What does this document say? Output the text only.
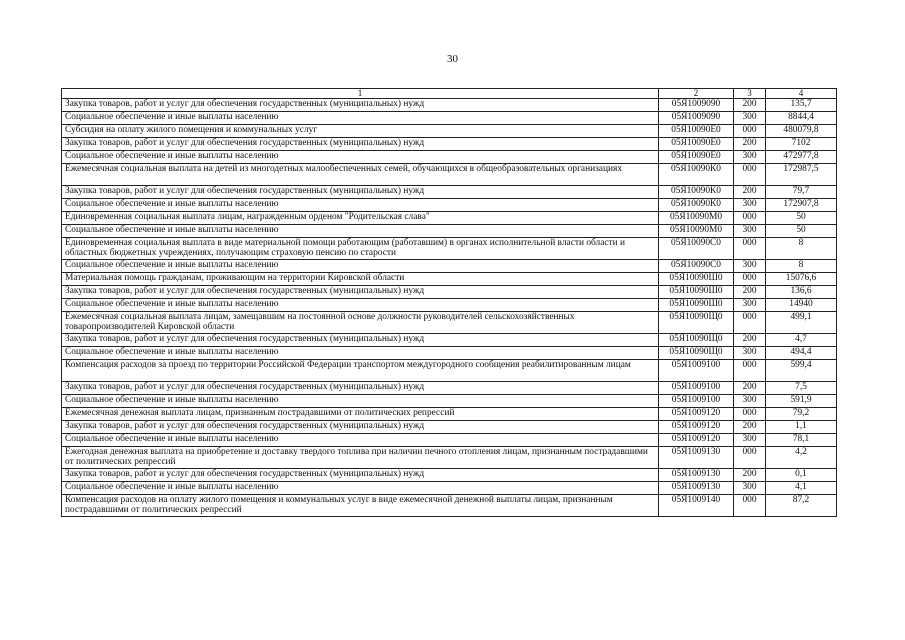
30
1	2	3	4
Закупка товаров, работ и услуг для обеспечения государственных (муниципальных) нужд	05Я1009090	200	135,7
Социальное обеспечение и иные выплаты населению	05Я1009090	300	8844,4
Субсидия на оплату жилого помещения и коммунальных услуг	05Я10090Е0	000	480079,8
Закупка товаров, работ и услуг для обеспечения государственных (муниципальных) нужд	05Я10090Е0	200	7102
Социальное обеспечение и иные выплаты населению	05Я10090Е0	300	472977,8
Ежемесячная социальная выплата на детей из многодетных малообеспеченных семей, обучающихся в общеобразовательных организациях	05Я10090К0	000	172987,5
Закупка товаров, работ и услуг для обеспечения государственных (муниципальных) нужд	05Я10090К0	200	79,7
Социальное обеспечение и иные выплаты населению	05Я10090К0	300	172907,8
Единовременная социальная выплата лицам, награжденным орденом "Родительская слава"	05Я10090М0	000	50
Социальное обеспечение и иные выплаты населению	05Я10090М0	300	50
Единовременная социальная выплата в виде материальной помощи работающим (работавшим) в органах исполнительной власти области и областных бюджетных учреждениях, получающим страховую пенсию по старости	05Я10090С0	000	8
Социальное обеспечение и иные выплаты населению	05Я10090С0	300	8
Материальная помощь гражданам, проживающим на территории Кировской области	05Я10090Ш0	000	15076,6
Закупка товаров, работ и услуг для обеспечения государственных (муниципальных) нужд	05Я10090Ш0	200	136,6
Социальное обеспечение и иные выплаты населению	05Я10090Ш0	300	14940
Ежемесячная социальная выплата лицам, замещавшим на постоянной основе должности руководителей сельскохозяйственных товаропроизводителей Кировской области	05Я10090Щ0	000	499,1
Закупка товаров, работ и услуг для обеспечения государственных (муниципальных) нужд	05Я10090Щ0	200	4,7
Социальное обеспечение и иные выплаты населению	05Я10090Щ0	300	494,4
Компенсация расходов за проезд по территории Российской Федерации транспортом междугородного сообщения реабилитированным лицам	05Я1009100	000	599,4
Закупка товаров, работ и услуг для обеспечения государственных (муниципальных) нужд	05Я1009100	200	7,5
Социальное обеспечение и иные выплаты населению	05Я1009100	300	591,9
Ежемесячная денежная выплата лицам, признанным пострадавшими от политических репрессий	05Я1009120	000	79,2
Закупка товаров, работ и услуг для обеспечения государственных (муниципальных) нужд	05Я1009120	200	1,1
Социальное обеспечение и иные выплаты населению	05Я1009120	300	78,1
Ежегодная денежная выплата на приобретение и доставку твердого топлива при наличии печного отопления лицам, признанным пострадавшими от политических репрессий	05Я1009130	000	4,2
Закупка товаров, работ и услуг для обеспечения государственных (муниципальных) нужд	05Я1009130	200	0,1
Социальное обеспечение и иные выплаты населению	05Я1009130	300	4,1
Компенсация расходов на оплату жилого помещения и коммунальных услуг в виде ежемесячной денежной выплаты лицам, признанным пострадавшими от политических репрессий	05Я1009140	000	87,2
